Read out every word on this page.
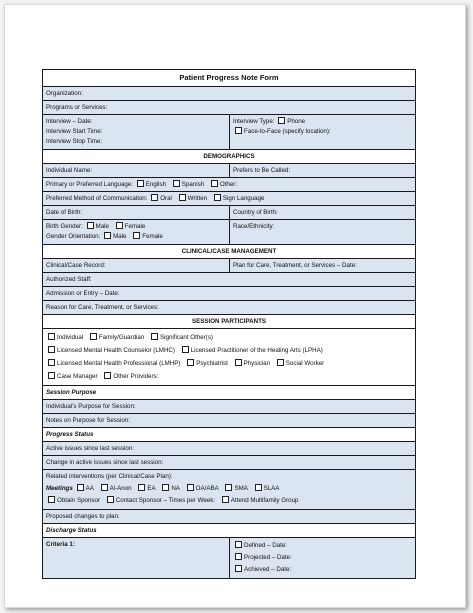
Patient Progress Note Form
Organization:
Programs or Services:
Interview – Date:
Interview Start Time:
Interview Stop Time:
Interview Type: Phone
Face-to-Face (specify location):
DEMOGRAPHICS
Individual Name:	Prefers to Be Called:
Primary or Preferred Language: English	Spanish	Other:
Preferred Method of Communication: Oral	Written	Sign Language
Date of Birth:	Country of Birth:
Birth Gender: Male	Female
Gender Orientation: Male	Female
Race/Ethnicity:
CLINICAL/CASE MANAGEMENT
Clinical/Case Record:	Plan for Care, Treatment, or Services – Date:
Authorized Staff:
Admission or Entry – Date:
Reason for Care, Treatment, or Services:
SESSION PARTICIPANTS
Individual	Family/Guardian	Significant Other(s)
Licensed Mental Health Counselor (LMHC)	Licensed Practitioner of the Healing Arts (LPHA)
Licensed Mental Health Professional (LMHP)	Psychiatrist	Physician	Social Worker
Case Manager	Other Providers:
Session Purpose
Individual’s Purpose for Session:
Notes on Purpose for Session:
Progress Status
Active issues since last session:
Change in active issues since last session:
Related interventions (per Clinical/Case Plan):
Meetings AA	Al-Anon	EA	NA	OA/ABA	SMA	SLAA
Obtain Sponsor	Contact Sponsor – Times per Week:	Attend Multifamily Group
Proposed changes to plan:
Discharge Status
Criteria 1:	Defined – Date:
Projected – Date:
Achieved – Date:
